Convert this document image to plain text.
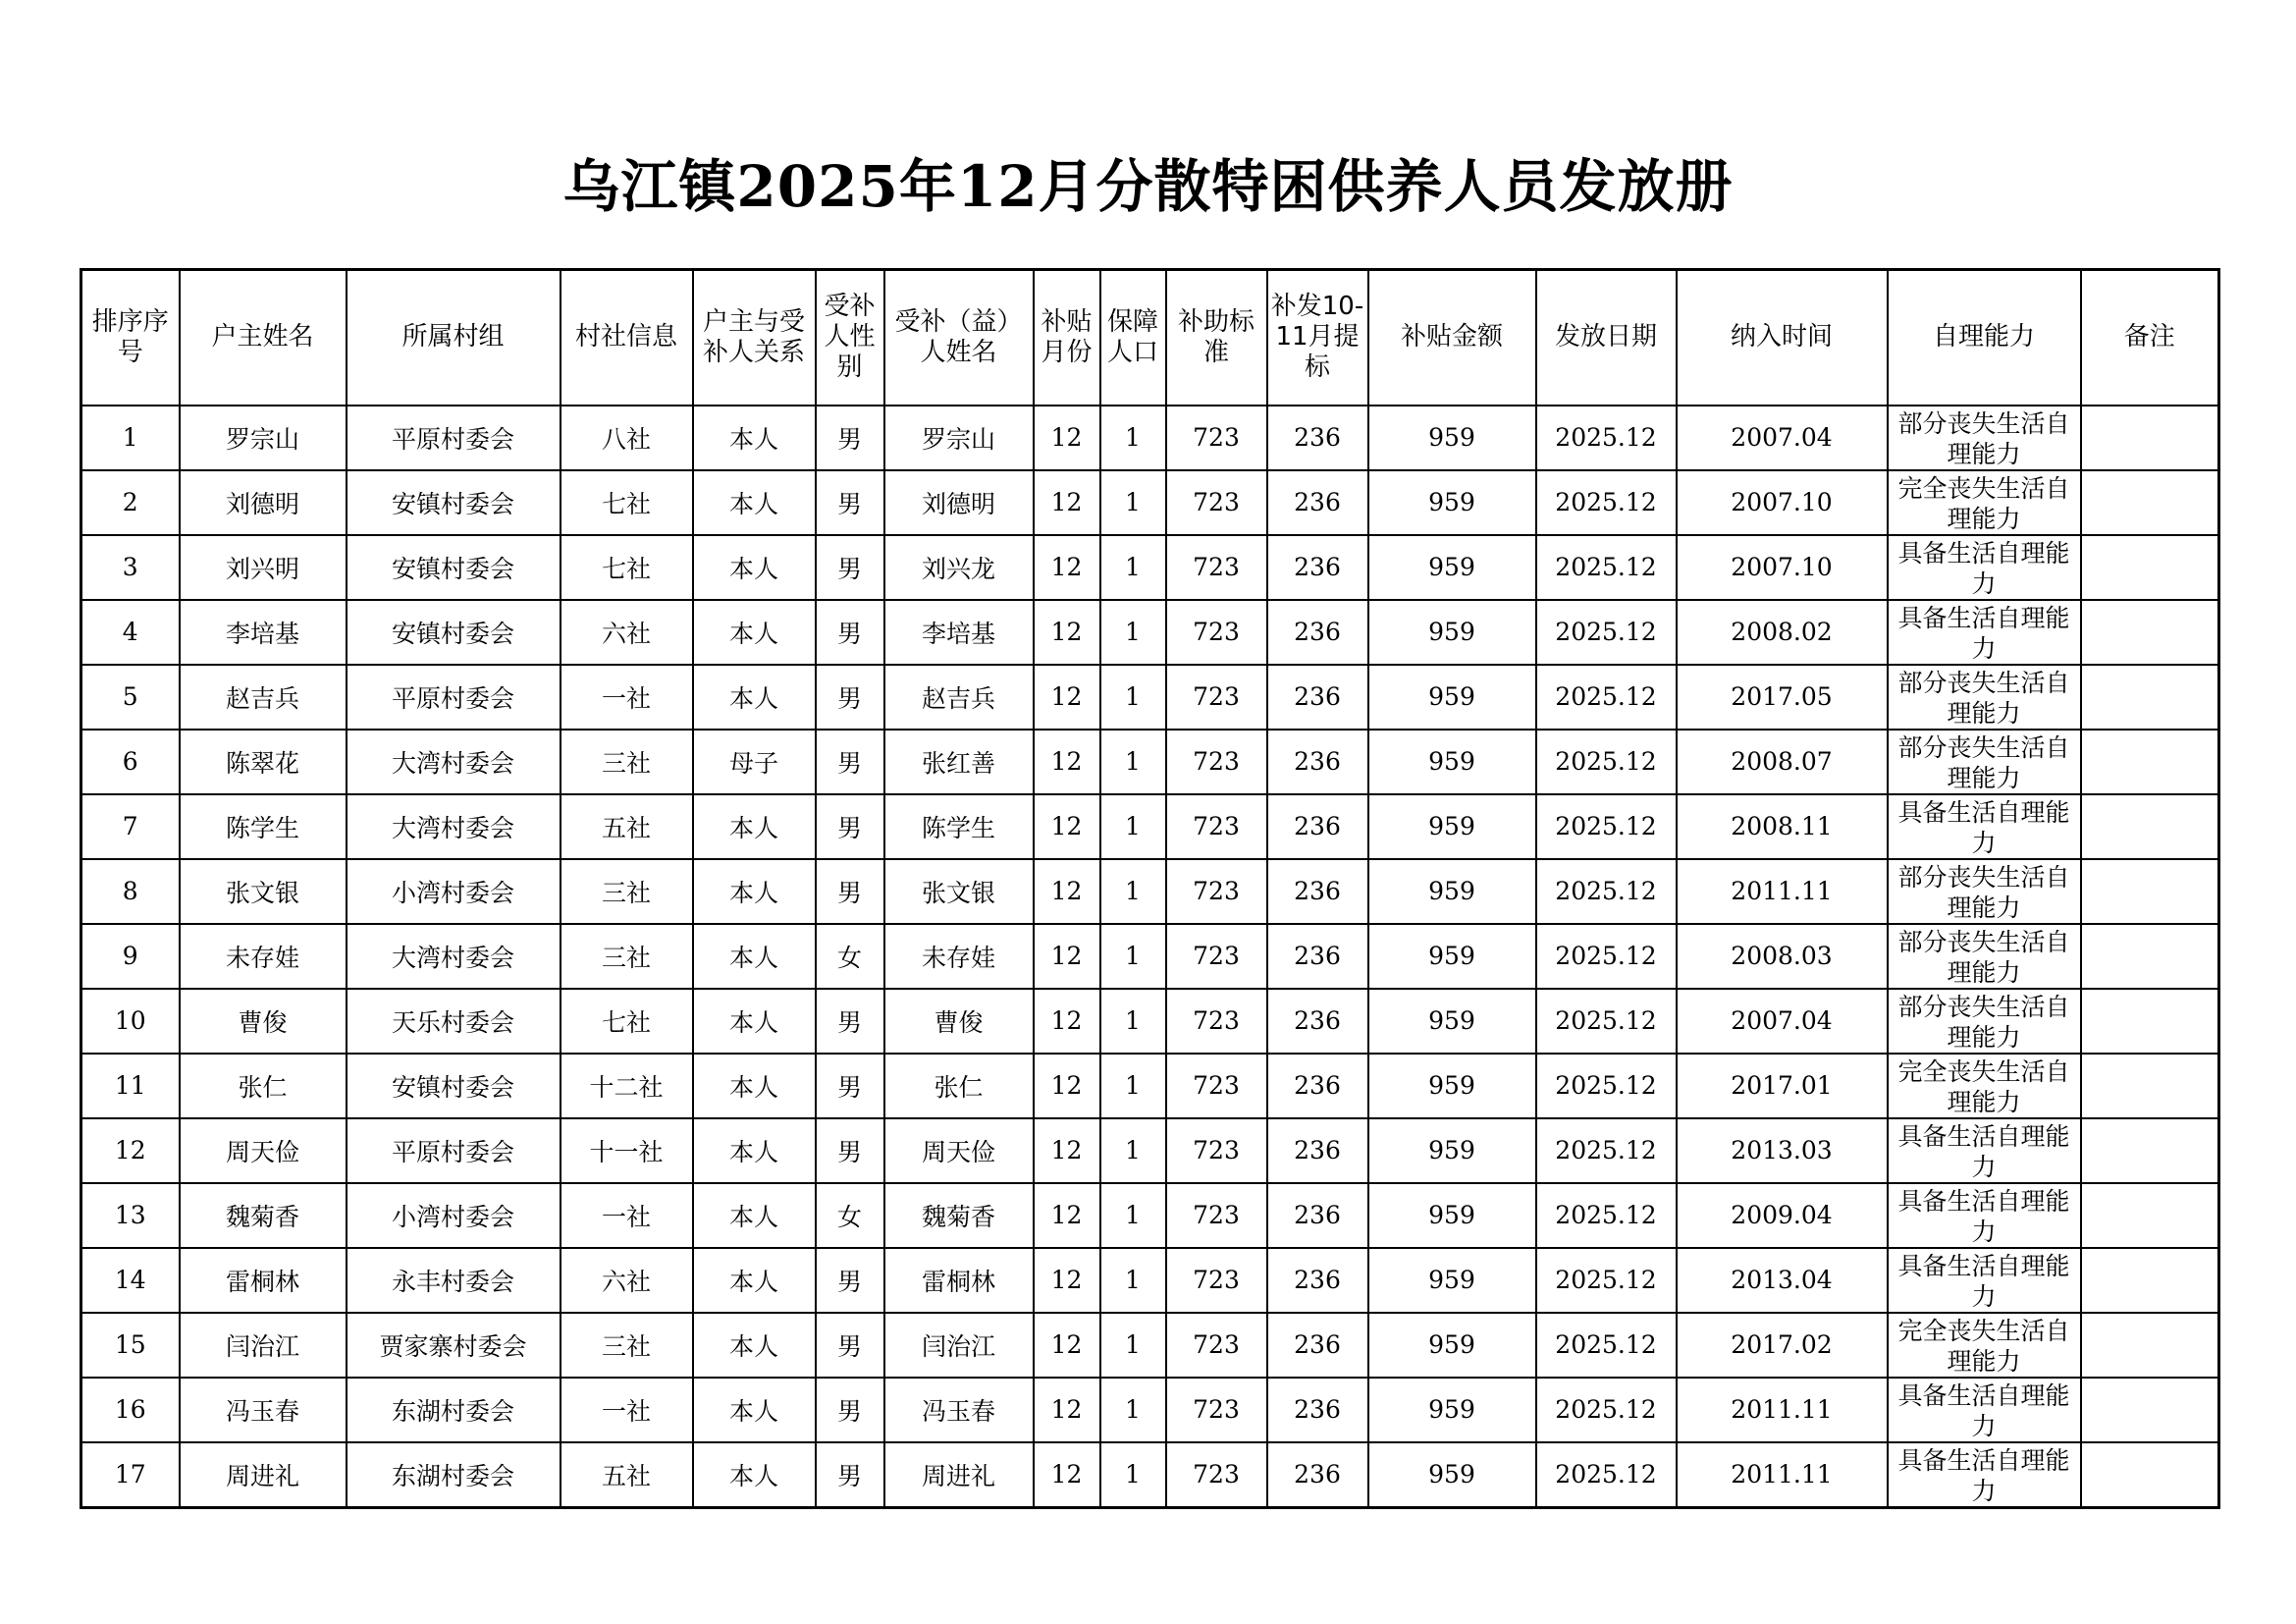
乌江镇2025年12月分散特困供养人员发放册
排序序号	户主姓名	所属村组	村社信息	户主与受补人关系	受补人性别	受补（益）人姓名	补贴月份	保障人口	补助标准	补发10-11月提标	补贴金额	发放日期	纳入时间	自理能力	备注
1	罗宗山	平原村委会	八社	本人	男	罗宗山	12	1	723	236	959	2025.12	2007.04	部分丧失生活自理能力	
2	刘德明	安镇村委会	七社	本人	男	刘德明	12	1	723	236	959	2025.12	2007.10	完全丧失生活自理能力	
3	刘兴明	安镇村委会	七社	本人	男	刘兴龙	12	1	723	236	959	2025.12	2007.10	具备生活自理能力	
4	李培基	安镇村委会	六社	本人	男	李培基	12	1	723	236	959	2025.12	2008.02	具备生活自理能力	
5	赵吉兵	平原村委会	一社	本人	男	赵吉兵	12	1	723	236	959	2025.12	2017.05	部分丧失生活自理能力	
6	陈翠花	大湾村委会	三社	母子	男	张红善	12	1	723	236	959	2025.12	2008.07	部分丧失生活自理能力	
7	陈学生	大湾村委会	五社	本人	男	陈学生	12	1	723	236	959	2025.12	2008.11	具备生活自理能力	
8	张文银	小湾村委会	三社	本人	男	张文银	12	1	723	236	959	2025.12	2011.11	部分丧失生活自理能力	
9	未存娃	大湾村委会	三社	本人	女	未存娃	12	1	723	236	959	2025.12	2008.03	部分丧失生活自理能力	
10	曹俊	天乐村委会	七社	本人	男	曹俊	12	1	723	236	959	2025.12	2007.04	部分丧失生活自理能力	
11	张仁	安镇村委会	十二社	本人	男	张仁	12	1	723	236	959	2025.12	2017.01	完全丧失生活自理能力	
12	周天俭	平原村委会	十一社	本人	男	周天俭	12	1	723	236	959	2025.12	2013.03	具备生活自理能力	
13	魏菊香	小湾村委会	一社	本人	女	魏菊香	12	1	723	236	959	2025.12	2009.04	具备生活自理能力	
14	雷桐林	永丰村委会	六社	本人	男	雷桐林	12	1	723	236	959	2025.12	2013.04	具备生活自理能力	
15	闫治江	贾家寨村委会	三社	本人	男	闫治江	12	1	723	236	959	2025.12	2017.02	完全丧失生活自理能力	
16	冯玉春	东湖村委会	一社	本人	男	冯玉春	12	1	723	236	959	2025.12	2011.11	具备生活自理能力	
17	周进礼	东湖村委会	五社	本人	男	周进礼	12	1	723	236	959	2025.12	2011.11	具备生活自理能力	
